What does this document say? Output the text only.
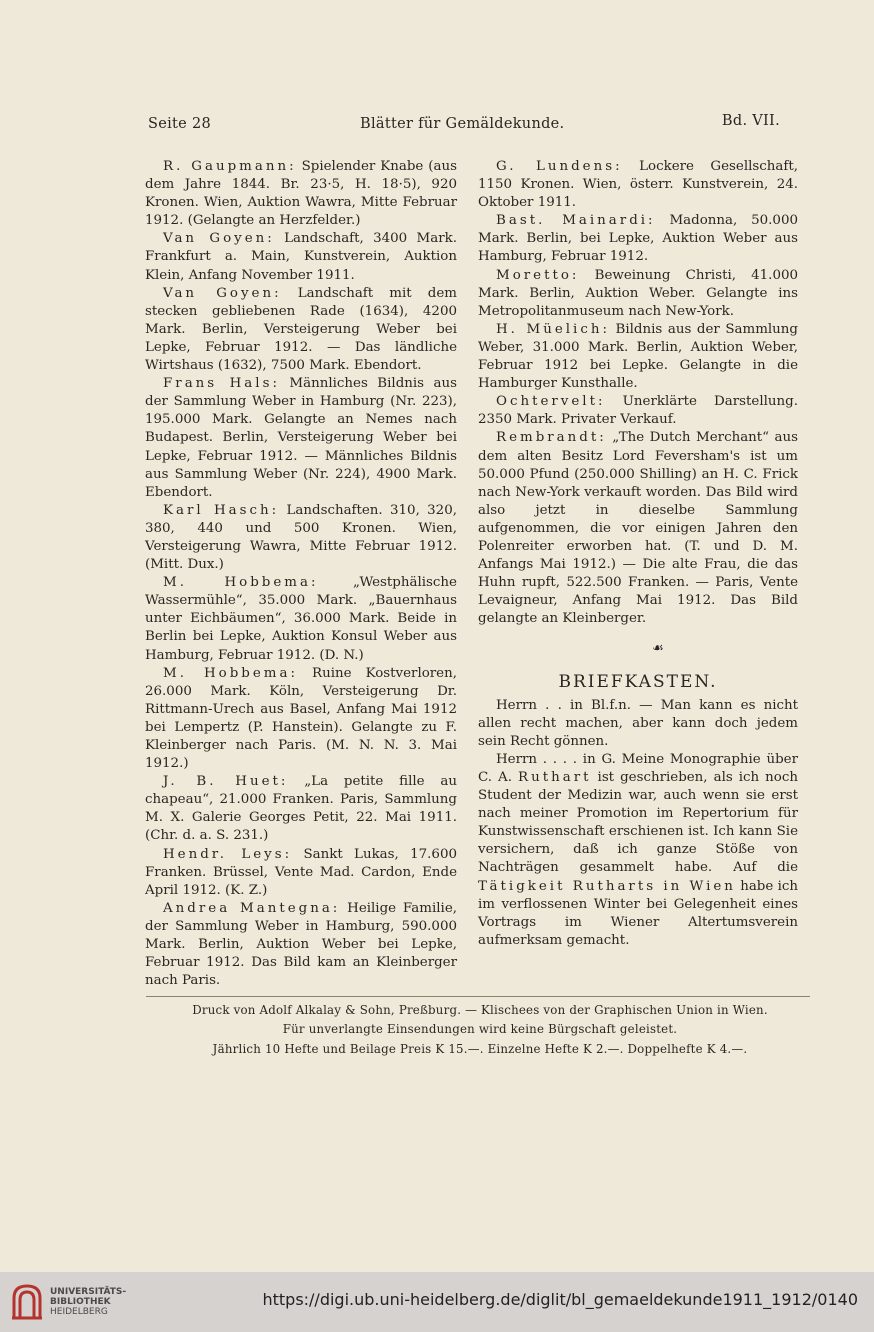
Seite 28	Blätter für Gemäldekunde.	Bd. VII.

R. Gaupmann: Spielender Knabe (aus dem Jahre 1844. Br. 23·5, H. 18·5), 920 Kronen. Wien, Auktion Wawra, Mitte Februar 1912. (Gelangte an Herzfelder.)

Van Goyen: Landschaft, 3400 Mark. Frankfurt a. Main, Kunstverein, Auktion Klein, Anfang November 1911.

Van Goyen: Landschaft mit dem stecken gebliebenen Rade (1634), 4200 Mark. Berlin, Versteigerung Weber bei Lepke, Februar 1912. — Das ländliche Wirtshaus (1632), 7500 Mark. Ebendort.

Frans Hals: Männliches Bildnis aus der Sammlung Weber in Hamburg (Nr. 223), 195.000 Mark. Gelangte an Nemes nach Budapest. Berlin, Versteigerung Weber bei Lepke, Februar 1912. — Männliches Bildnis aus Sammlung Weber (Nr. 224), 4900 Mark. Ebendort.

Karl Hasch: Landschaften. 310, 320, 380, 440 und 500 Kronen. Wien, Versteigerung Wawra, Mitte Februar 1912. (Mitt. Dux.)

M. Hobbema:	„Westphälische Wassermühle“, 35.000 Mark. „Bauernhaus unter Eichbäumen“, 36.000 Mark. Beide in Berlin bei Lepke, Auktion Konsul Weber aus Hamburg, Februar 1912. (D. N.)

M. Hobbema: Ruine Kostverloren, 26.000 Mark. Köln, Versteigerung Dr. Rittmann-Urech aus Basel, Anfang Mai 1912 bei Lempertz (P. Hanstein). Gelangte zu F. Kleinberger nach Paris. (M. N. N. 3. Mai 1912.)

J. B. Huet: „La petite fille au chapeau“, 21.000 Franken. Paris, Sammlung M. X. Galerie Georges Petit, 22. Mai 1911. (Chr. d. a. S. 231.)

Hendr. Leys: Sankt Lukas, 17.600 Franken. Brüssel, Vente Mad. Cardon, Ende April 1912. (K. Z.)

Andrea Mantegna: Heilige Familie, der Sammlung Weber in Hamburg, 590.000 Mark. Berlin, Auktion Weber bei Lepke, Februar 1912. Das Bild kam an Kleinberger nach Paris.

G. Lundens: Lockere Gesellschaft, 1150 Kronen. Wien, österr. Kunstverein, 24. Oktober 1911.

Bast. Mainardi: Madonna, 50.000 Mark. Berlin, bei Lepke, Auktion Weber aus Hamburg, Februar 1912.

Moretto: Beweinung Christi, 41.000 Mark. Berlin, Auktion Weber. Gelangte ins Metropolitanmuseum nach New-York.

H. Müelich: Bildnis aus der Sammlung Weber, 31.000 Mark. Berlin, Auktion Weber, Februar 1912 bei Lepke. Gelangte in die Hamburger Kunsthalle.

Ochtervelt: Unerklärte Darstellung. 2350 Mark. Privater Verkauf.

Rembrandt: „The Dutch Merchant“ aus dem alten Besitz Lord Feversham's ist um 50.000 Pfund (250.000 Shilling) an H. C. Frick nach New-York verkauft worden. Das Bild wird also jetzt in dieselbe Sammlung aufgenommen, die vor einigen Jahren den Polenreiter erworben hat. (T. und D. M. Anfangs Mai 1912.) — Die alte Frau, die das Huhn rupft, 522.500 Franken. — Paris, Vente Levaigneur, Anfang Mai 1912. Das Bild gelangte an Kleinberger.

☙
BRIEFKASTEN.

Herrn . . in Bl.f.n. — Man kann es nicht allen recht machen, aber kann doch jedem sein Recht gönnen.

Herrn . . . . in G. Meine Monographie über C. A. Ruthart ist geschrieben, als ich noch Student der Medizin war, auch wenn sie erst nach meiner Promotion im Repertorium für Kunstwissenschaft erschienen ist. Ich kann Sie versichern, daß ich ganze Stöße von Nachträgen gesammelt habe. Auf die Tätigkeit Rutharts in Wien habe ich im verflossenen Winter bei Gelegenheit eines Vortrags im Wiener Altertumsverein aufmerksam gemacht.

Druck von Adolf Alkalay & Sohn, Preßburg. — Klischees von der Graphischen Union in Wien.
Für unverlangte Einsendungen wird keine Bürgschaft geleistet.
Jährlich 10 Hefte und Beilage Preis K 15.—. Einzelne Hefte K 2.—. Doppelhefte K 4.—.
UNIVERSITÄTS-
BIBLIOTHEK
HEIDELBERG
https://digi.ub.uni-heidelberg.de/diglit/bl_gemaeldekunde1911_1912/0140
